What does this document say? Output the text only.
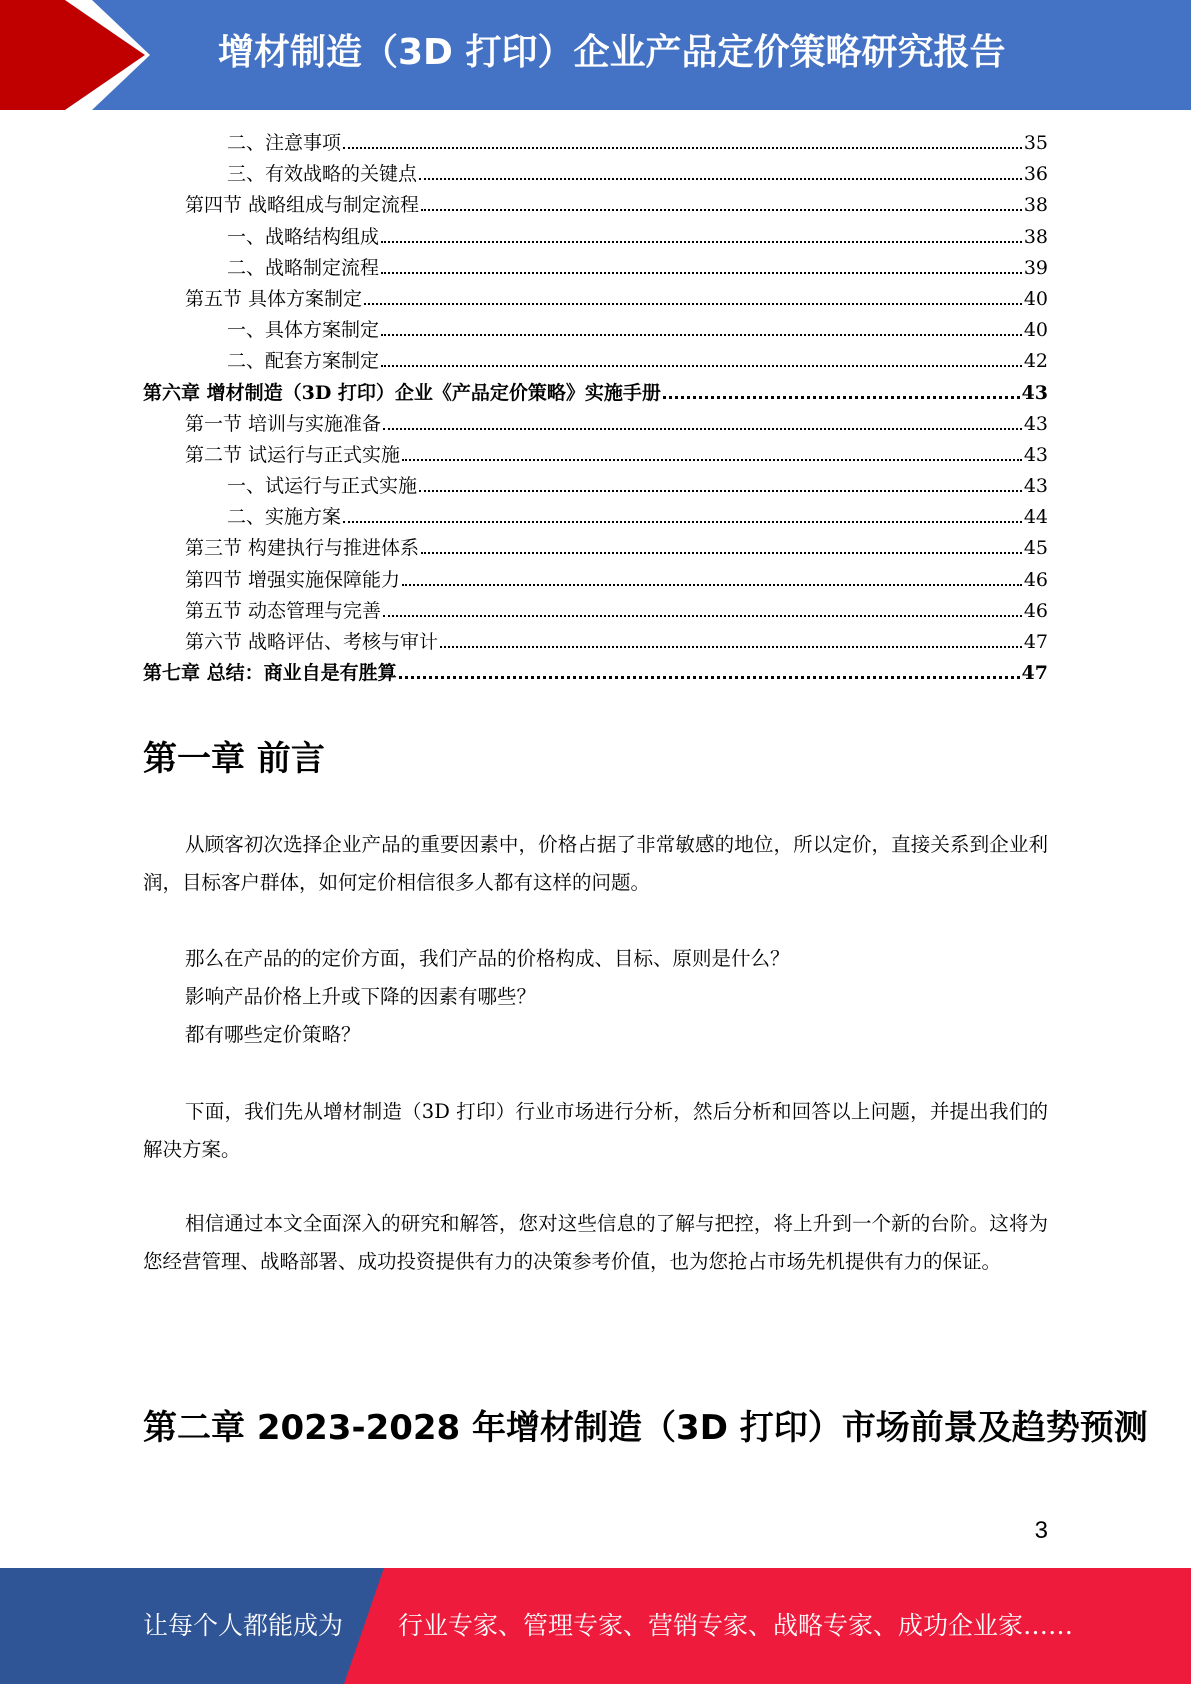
增材制造（3D 打印）企业产品定价策略研究报告
二、注意事项	35
三、有效战略的关键点	36
第四节 战略组成与制定流程	38
一、战略结构组成	38
二、战略制定流程	39
第五节 具体方案制定	40
一、具体方案制定	40
二、配套方案制定	42
第六章 增材制造（3D 打印）企业《产品定价策略》实施手册	43
第一节 培训与实施准备	43
第二节 试运行与正式实施	43
一、试运行与正式实施	43
二、实施方案	44
第三节 构建执行与推进体系	45
第四节 增强实施保障能力	46
第五节 动态管理与完善	46
第六节 战略评估、考核与审计	47
第七章 总结：商业自是有胜算	47
第一章 前言
从顾客初次选择企业产品的重要因素中，价格占据了非常敏感的地位，所以定价，直接关系到企业利润，目标客户群体，如何定价相信很多人都有这样的问题。
那么在产品的的定价方面，我们产品的价格构成、目标、原则是什么？
影响产品价格上升或下降的因素有哪些？
都有哪些定价策略？
下面，我们先从增材制造（3D 打印）行业市场进行分析，然后分析和回答以上问题，并提出我们的解决方案。
相信通过本文全面深入的研究和解答，您对这些信息的了解与把控，将上升到一个新的台阶。这将为您经营管理、战略部署、成功投资提供有力的决策参考价值，也为您抢占市场先机提供有力的保证。
第二章 2023-2028 年增材制造（3D 打印）市场前景及趋势预测
3
让每个人都能成为 行业专家、管理专家、营销专家、战略专家、成功企业家……
